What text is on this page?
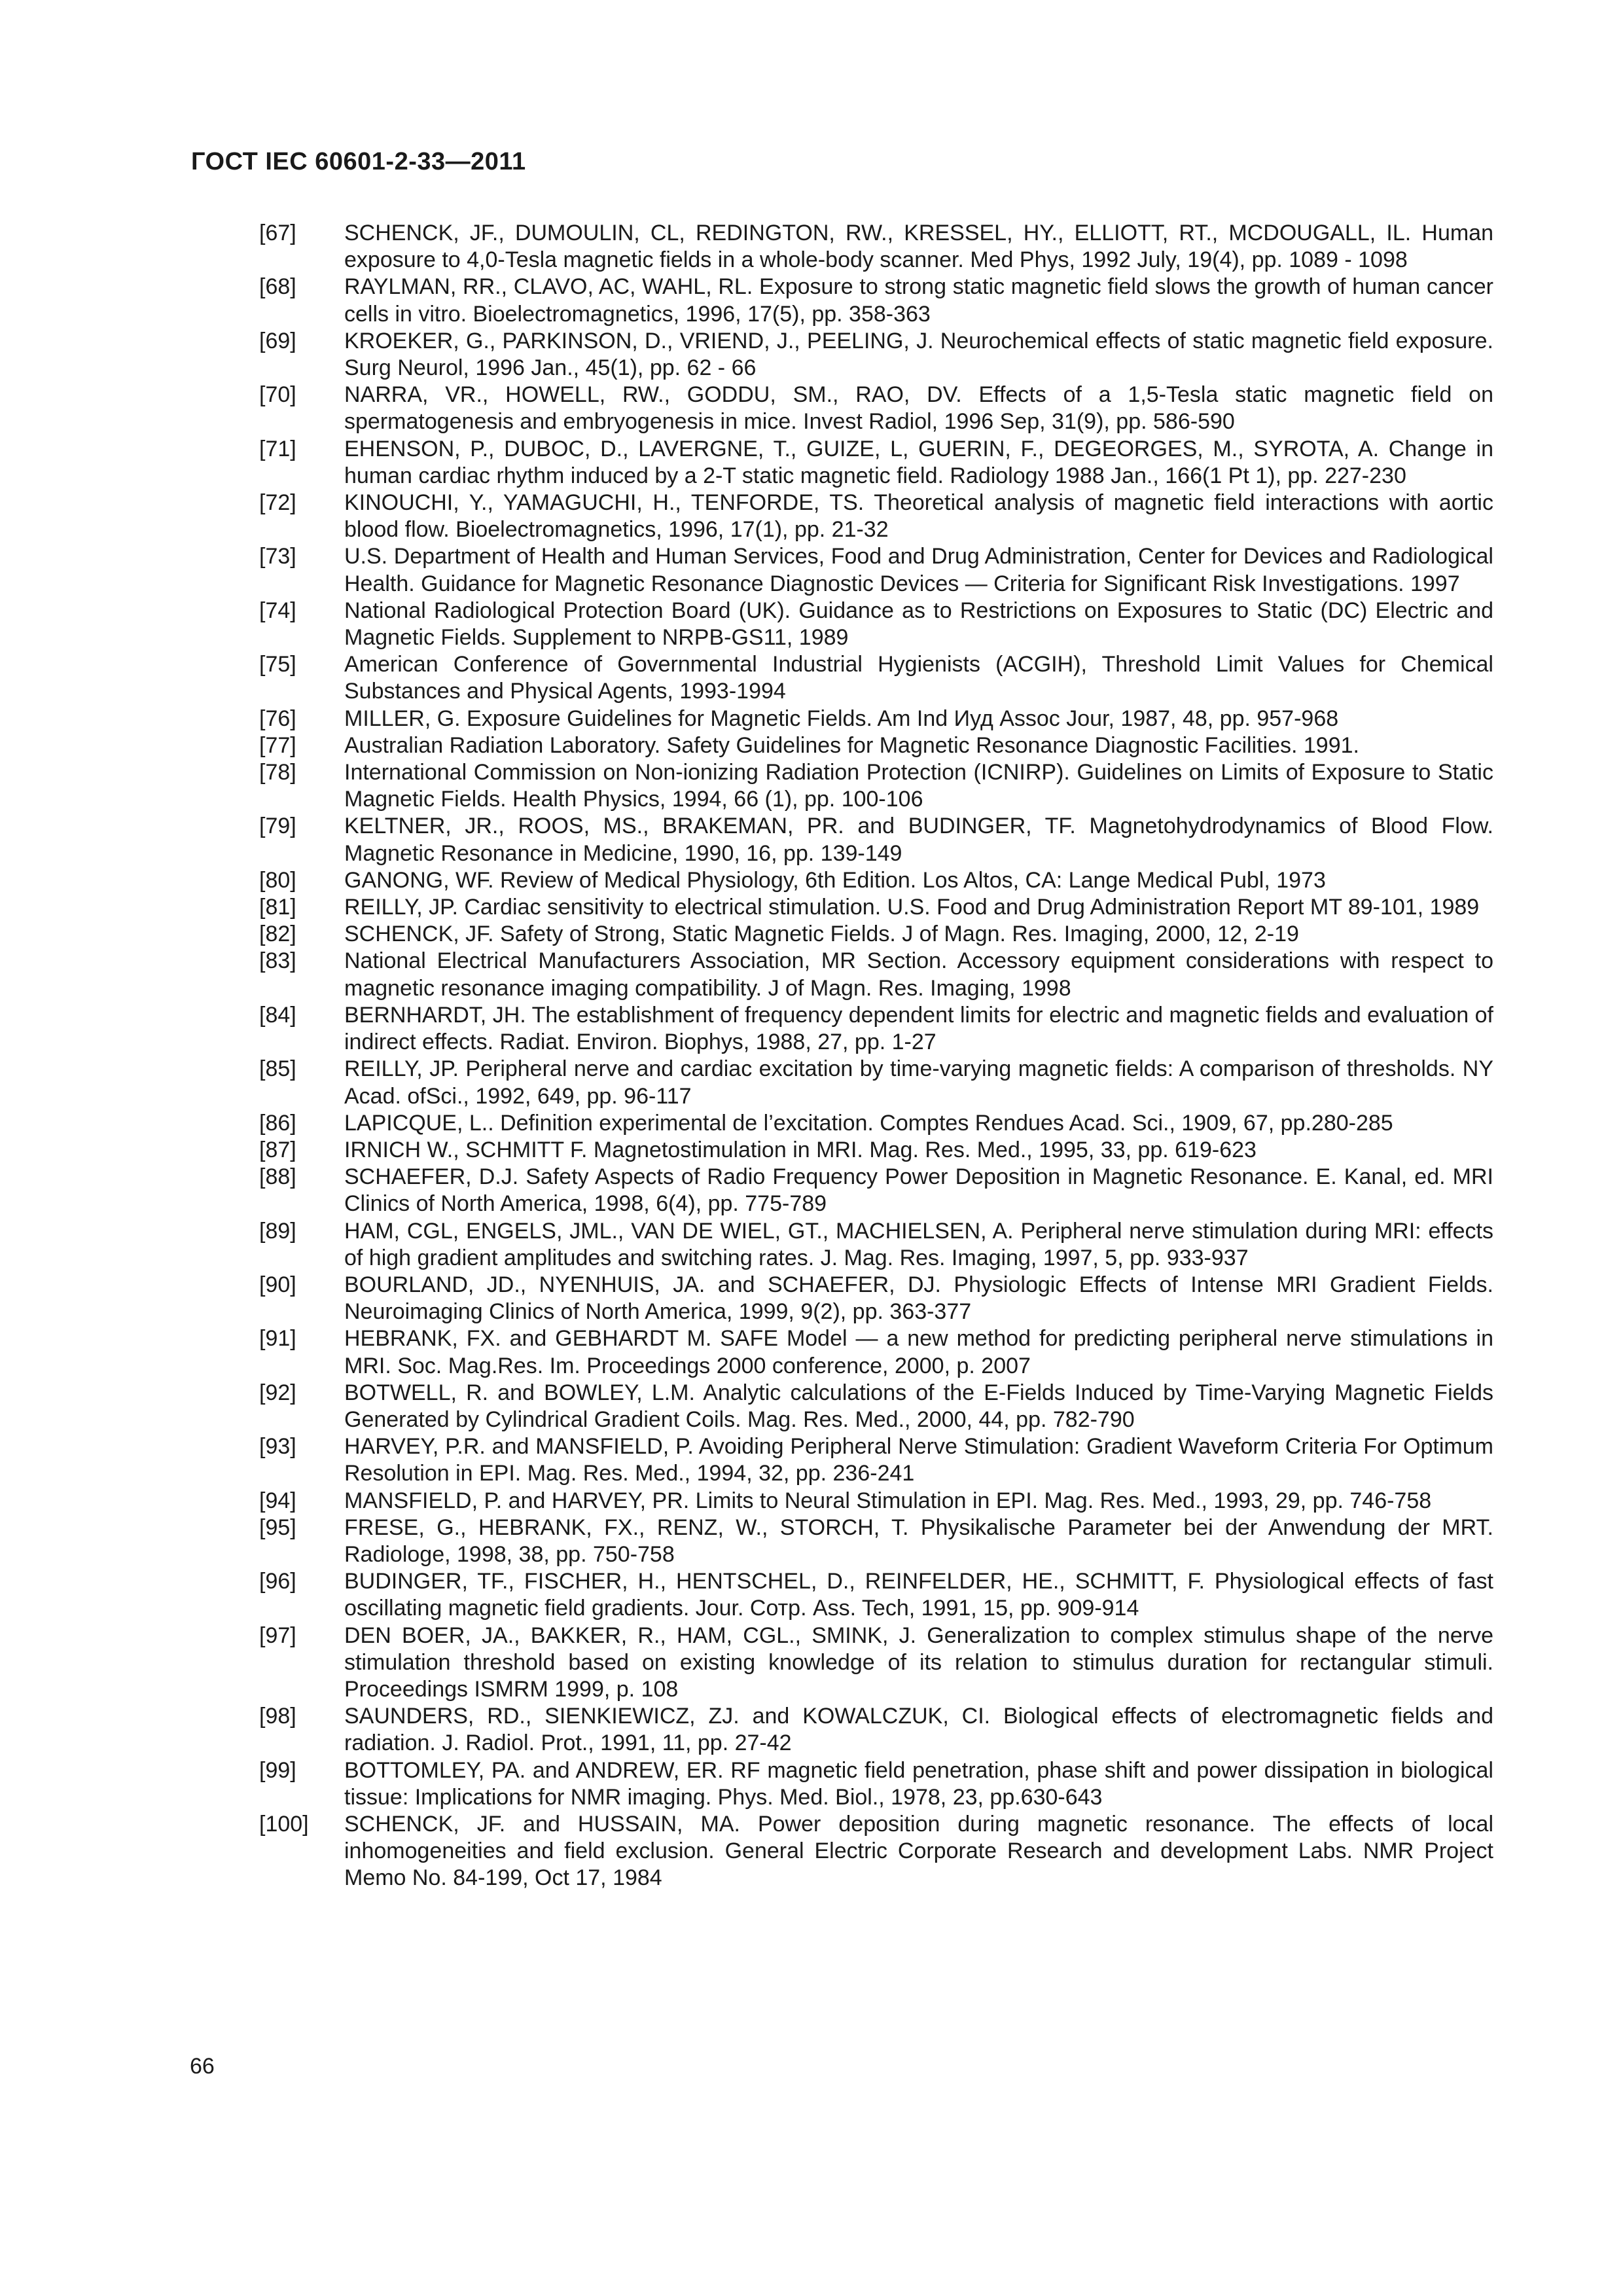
ГОСТ IEC 60601-2-33—2011
[67]	SCHENCK, JF., DUMOULIN, CL, REDINGTON, RW., KRESSEL, HY., ELLIOTT, RT., MCDOUGALL, IL. Human exposure to 4,0-Tesla magnetic fields in a whole-body scanner. Med Phys, 1992 July, 19(4), pp. 1089 - 1098
[68]	RAYLMAN, RR., CLAVO, AC, WAHL, RL. Exposure to strong static magnetic field slows the growth of human cancer cells in vitro. Bioelectromagnetics, 1996, 17(5), pp. 358-363
[69]	KROEKER, G., PARKINSON, D., VRIEND, J., PEELING, J. Neurochemical effects of static magnetic field exposure. Surg Neurol, 1996 Jan., 45(1), pp. 62 - 66
[70]	NARRA, VR., HOWELL, RW., GODDU, SM., RAO, DV. Effects of a 1,5-Tesla static magnetic field on spermatogenesis and embryogenesis in mice. Invest Radiol, 1996 Sep, 31(9), pp. 586-590
[71]	EHENSON, P., DUBOC, D., LAVERGNE, T., GUIZE, L, GUERIN, F., DEGEORGES, M., SYROTA, A. Change in human cardiac rhythm induced by a 2-T static magnetic field. Radiology 1988 Jan., 166(1 Pt 1), pp. 227-230
[72]	KINOUCHI, Y., YAMAGUCHI, H., TENFORDE, TS. Theoretical analysis of magnetic field interactions with aortic blood flow. Bioelectromagnetics, 1996, 17(1), pp. 21-32
[73]	U.S. Department of Health and Human Services, Food and Drug Administration, Center for Devices and Radiological Health. Guidance for Magnetic Resonance Diagnostic Devices — Criteria for Significant Risk Investigations. 1997
[74]	National Radiological Protection Board (UK). Guidance as to Restrictions on Exposures to Static (DC) Electric and Magnetic Fields. Supplement to NRPB-GS11, 1989
[75]	American Conference of Governmental Industrial Hygienists (ACGIH), Threshold Limit Values for Chemical Substances and Physical Agents, 1993-1994
[76]	MILLER, G. Exposure Guidelines for Magnetic Fields. Am Ind Иуд Assoc Jour, 1987, 48, pp. 957-968
[77]	Australian Radiation Laboratory. Safety Guidelines for Magnetic Resonance Diagnostic Facilities. 1991.
[78]	International Commission on Non-ionizing Radiation Protection (ICNIRP). Guidelines on Limits of Exposure to Static Magnetic Fields. Health Physics, 1994, 66 (1), pp. 100-106
[79]	KELTNER, JR., ROOS, MS., BRAKEMAN, PR. and BUDINGER, TF. Magnetohydrodynamics of Blood Flow. Magnetic Resonance in Medicine, 1990, 16, pp. 139-149
[80]	GANONG, WF. Review of Medical Physiology, 6th Edition. Los Altos, CA: Lange Medical Publ, 1973
[81]	REILLY, JP. Cardiac sensitivity to electrical stimulation. U.S. Food and Drug Administration Report MT 89-101, 1989
[82]	SCHENCK, JF. Safety of Strong, Static Magnetic Fields. J of Magn. Res. Imaging, 2000, 12, 2-19
[83]	National Electrical Manufacturers Association, MR Section. Accessory equipment considerations with respect to magnetic resonance imaging compatibility. J of Magn. Res. Imaging, 1998
[84]	BERNHARDT, JH. The establishment of frequency dependent limits for electric and magnetic fields and evaluation of indirect effects. Radiat. Environ. Biophys, 1988, 27, pp. 1-27
[85]	REILLY, JP. Peripheral nerve and cardiac excitation by time-varying magnetic fields: A comparison of thresholds. NY Acad. ofSci., 1992, 649, pp. 96-117
[86]	LAPICQUE, L.. Definition experimental de l’excitation. Comptes Rendues Acad. Sci., 1909, 67, pp.280-285
[87]	IRNICH W., SCHMITT F. Magnetostimulation in MRI. Mag. Res. Med., 1995, 33, pp. 619-623
[88]	SCHAEFER, D.J. Safety Aspects of Radio Frequency Power Deposition in Magnetic Resonance. E. Kanal, ed. MRI Clinics of North America, 1998, 6(4), pp. 775-789
[89]	HAM, CGL, ENGELS, JML., VAN DE WIEL, GT., MACHIELSEN, A. Peripheral nerve stimulation during MRI: effects of high gradient amplitudes and switching rates. J. Mag. Res. Imaging, 1997, 5, pp. 933-937
[90]	BOURLAND, JD., NYENHUIS, JA. and SCHAEFER, DJ. Physiologic Effects of Intense MRI Gradient Fields. Neuroimaging Clinics of North America, 1999, 9(2), pp. 363-377
[91]	HEBRANK, FX. and GEBHARDT M. SAFE Model — a new method for predicting peripheral nerve stimulations in MRI. Soc. Mag.Res. Im. Proceedings 2000 conference, 2000, p. 2007
[92]	BOTWELL, R. and BOWLEY, L.M. Analytic calculations of the E-Fields Induced by Time-Varying Magnetic Fields Generated by Cylindrical Gradient Coils. Mag. Res. Med., 2000, 44, pp. 782-790
[93]	HARVEY, P.R. and MANSFIELD, P. Avoiding Peripheral Nerve Stimulation: Gradient Waveform Criteria For Optimum Resolution in EPI. Mag. Res. Med., 1994, 32, pp. 236-241
[94]	MANSFIELD, P. and HARVEY, PR. Limits to Neural Stimulation in EPI. Mag. Res. Med., 1993, 29, pp. 746-758
[95]	FRESE, G., HEBRANK, FX., RENZ, W., STORCH, T. Physikalische Parameter bei der Anwendung der MRT. Radiologe, 1998, 38, pp. 750-758
[96]	BUDINGER, TF., FISCHER, H., HENTSCHEL, D., REINFELDER, HE., SCHMITT, F. Physiological effects of fast oscillating magnetic field gradients. Jour. Сотр. Ass. Tech, 1991, 15, pp. 909-914
[97]	DEN BOER, JA., BAKKER, R., HAM, CGL., SMINK, J. Generalization to complex stimulus shape of the nerve stimulation threshold based on existing knowledge of its relation to stimulus duration for rectangular stimuli. Proceedings ISMRM 1999, p. 108
[98]	SAUNDERS, RD., SIENKIEWICZ, ZJ. and KOWALCZUK, CI. Biological effects of electromagnetic fields and radiation. J. Radiol. Prot., 1991, 11, pp. 27-42
[99]	BOTTOMLEY, PA. and ANDREW, ER. RF magnetic field penetration, phase shift and power dissipation in biological tissue: Implications for NMR imaging. Phys. Med. Biol., 1978, 23, pp.630-643
[100]	SCHENCK, JF. and HUSSAIN, MA. Power deposition during magnetic resonance. The effects of local inhomogeneities and field exclusion. General Electric Corporate Research and development Labs. NMR Project Memo No. 84-199, Oct 17, 1984
66
